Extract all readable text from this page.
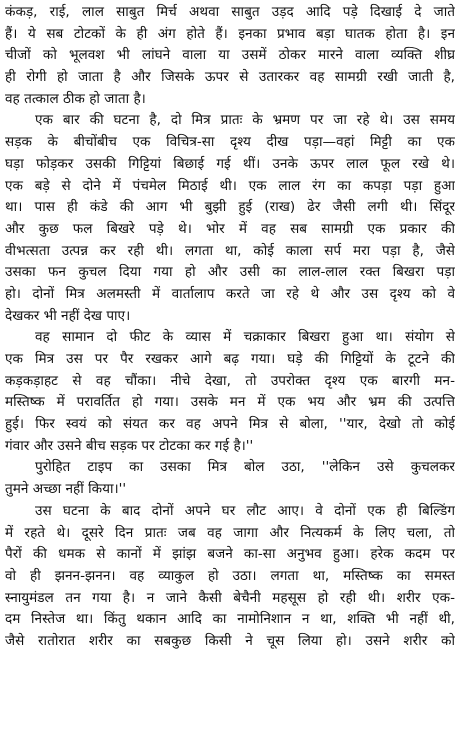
कंकड़, राई, लाल साबुत मिर्च अथवा साबुत उड़द आदि पड़े दिखाई दे जाते
हैं। ये सब टोटकों के ही अंग होते हैं। इनका प्रभाव बड़ा घातक होता है। इन
चीजों को भूलवश भी लांघने वाला या उसमें ठोकर मारने वाला व्यक्ति शीघ्र
ही रोगी हो जाता है और जिसके ऊपर से उतारकर वह सामग्री रखी जाती है,
वह तत्काल ठीक हो जाता है।
एक बार की घटना है, दो मित्र प्रातः के भ्रमण पर जा रहे थे। उस समय
सड़क के बीचोंबीच एक विचित्र-सा दृश्य दीख पड़ा—वहां मिट्टी का एक
घड़ा फोड़कर उसकी गिट्टियां बिछाई गई थीं। उनके ऊपर लाल फूल रखे थे।
एक बड़े से दोने में पंचमेल मिठाई थी। एक लाल रंग का कपड़ा पड़ा हुआ
था। पास ही कंडे की आग भी बुझी हुई (राख) ढेर जैसी लगी थी। सिंदूर
और कुछ फल बिखरे पड़े थे। भोर में वह सब सामग्री एक प्रकार की
वीभत्सता उत्पन्न कर रही थी। लगता था, कोई काला सर्प मरा पड़ा है, जैसे
उसका फन कुचल दिया गया हो और उसी का लाल-लाल रक्त बिखरा पड़ा
हो। दोनों मित्र अलमस्ती में वार्तालाप करते जा रहे थे और उस दृश्य को वे
देखकर भी नहीं देख पाए।
वह सामान दो फीट के व्यास में चक्राकार बिखरा हुआ था। संयोग से
एक मित्र उस पर पैर रखकर आगे बढ़ गया। घड़े की गिट्टियों के टूटने की
कड़कड़ाहट से वह चौंका। नीचे देखा, तो उपरोक्त दृश्य एक बारगी मन-
मस्तिष्क में परावर्तित हो गया। उसके मन में एक भय और भ्रम की उत्पत्ति
हुई। फिर स्वयं को संयत कर वह अपने मित्र से बोला, ''यार, देखो तो कोई
गंवार और उसने बीच सड़क पर टोटका कर गई है।''
पुरोहित टाइप का उसका मित्र बोल उठा, ''लेकिन उसे कुचलकर
तुमने अच्छा नहीं किया।''
उस घटना के बाद दोनों अपने घर लौट आए। वे दोनों एक ही बिल्डिंग
में रहते थे। दूसरे दिन प्रातः जब वह जागा और नित्यकर्म के लिए चला, तो
पैरों की धमक से कानों में झांझ बजने का-सा अनुभव हुआ। हरेक कदम पर
वो ही झनन-झनन। वह व्याकुल हो उठा। लगता था, मस्तिष्क का समस्त
स्नायुमंडल तन गया है। न जाने कैसी बेचैनी महसूस हो रही थी। शरीर एक-
दम निस्तेज था। किंतु थकान आदि का नामोनिशान न था, शक्ति भी नहीं थी,
जैसे रातोरात शरीर का सबकुछ किसी ने चूस लिया हो। उसने शरीर को
